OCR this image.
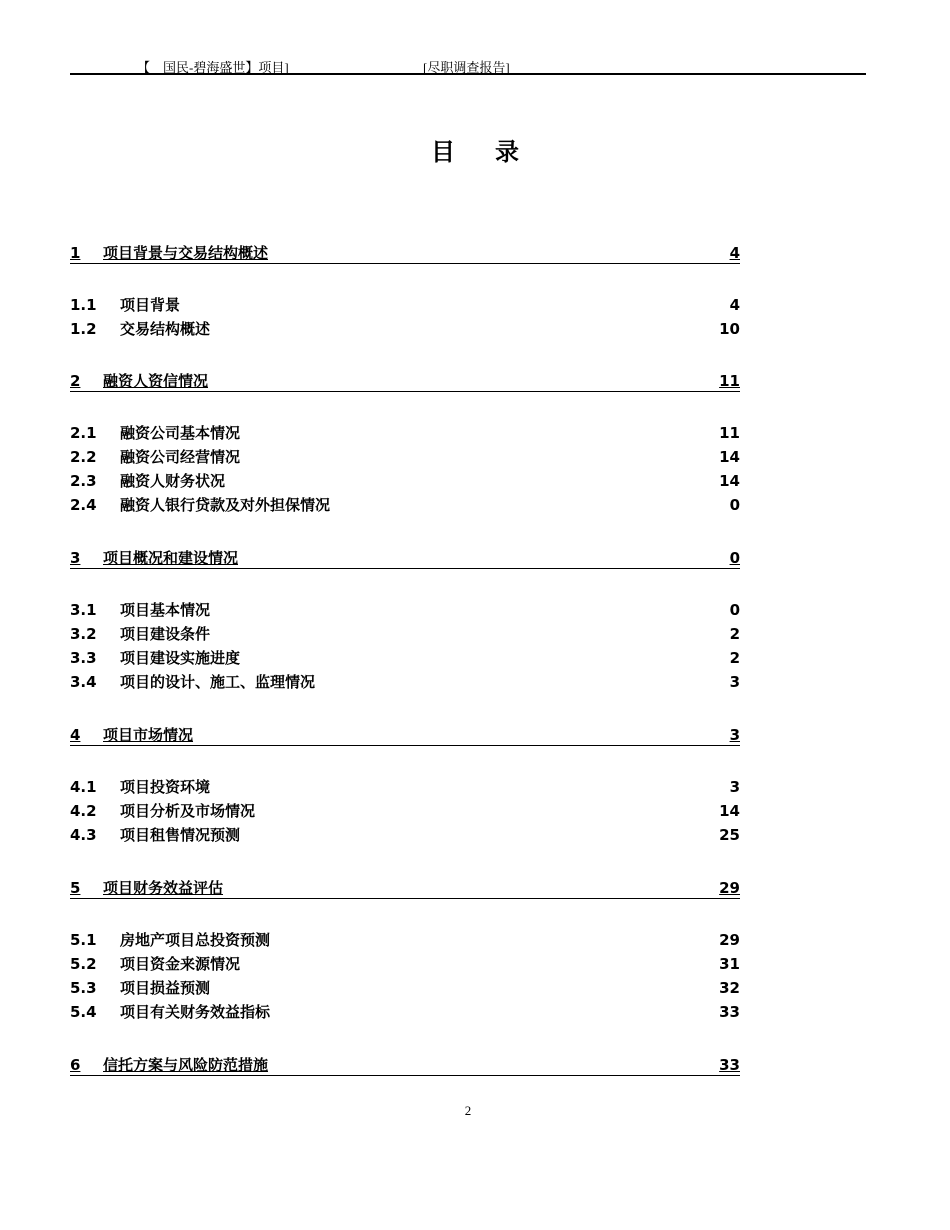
【　国民-碧海盛世】项目]	[尽职调查报告]
目录
1 项目背景与交易结构概述	4
1.1 项目背景	4
1.2 交易结构概述	10
2 融资人资信情况	11
2.1 融资公司基本情况	11
2.2 融资公司经营情况	14
2.3 融资人财务状况	14
2.4 融资人银行贷款及对外担保情况	0
3 项目概况和建设情况	0
3.1 项目基本情况	0
3.2 项目建设条件	2
3.3 项目建设实施进度	2
3.4 项目的设计、施工、监理情况	3
4 项目市场情况	3
4.1 项目投资环境	3
4.2 项目分析及市场情况	14
4.3 项目租售情况预测	25
5 项目财务效益评估	29
5.1 房地产项目总投资预测	29
5.2 项目资金来源情况	31
5.3 项目损益预测	32
5.4 项目有关财务效益指标	33
6 信托方案与风险防范措施	33
2
